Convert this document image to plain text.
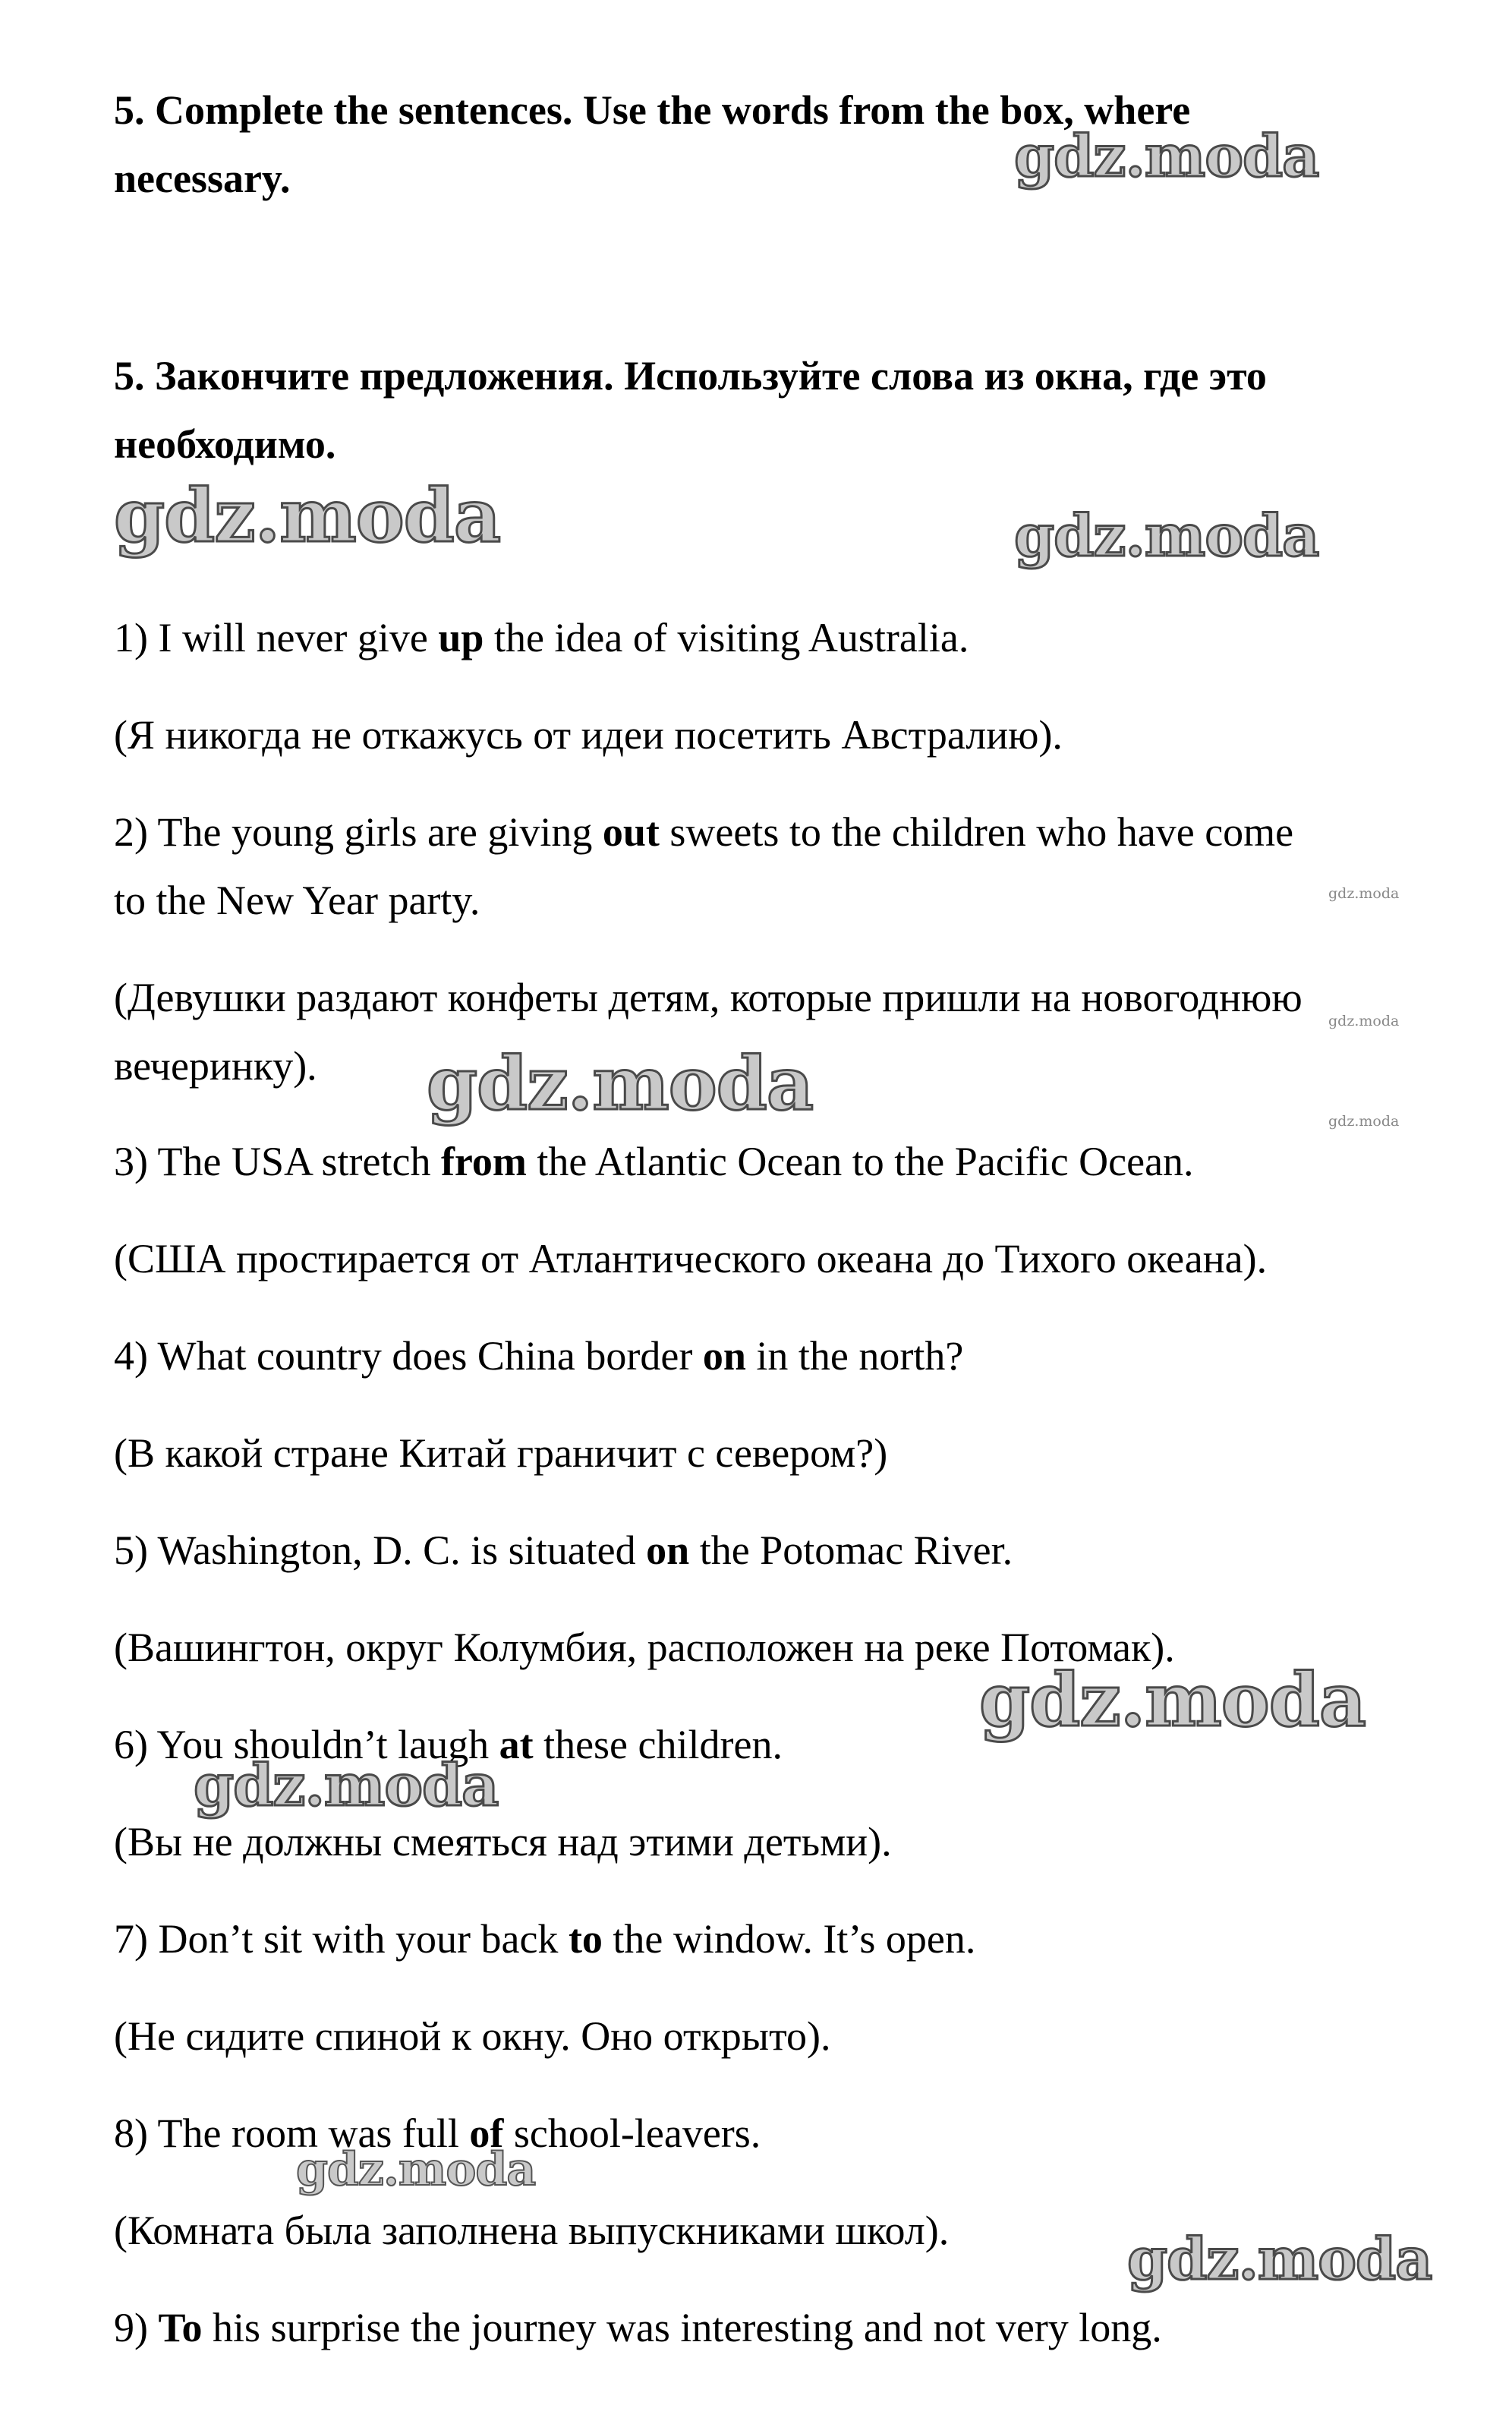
5. Complete the sentences. Use the words from the box, where
necessary.
5. Закончите предложения. Используйте слова из окна, где это
необходимо.
1) I will never give up the idea of visiting Australia.
(Я никогда не откажусь от идеи посетить Австралию).
2) The young girls are giving out sweets to the children who have come
to the New Year party.
(Девушки раздают конфеты детям, которые пришли на новогоднюю
вечеринку).
3) The USA stretch from the Atlantic Ocean to the Pacific Ocean.
(США простирается от Атлантического океана до Тихого океана).
4) What country does China border on in the north?
(В какой стране Китай граничит с севером?)
5) Washington, D. C. is situated on the Potomac River.
(Вашингтон, округ Колумбия, расположен на реке Потомак).
6) You shouldn’t laugh at these children.
(Вы не должны смеяться над этими детьми).
7) Don’t sit with your back to the window. It’s open.
(Не сидите спиной к окну. Оно открыто).
8) The room was full of school-leavers.
(Комната была заполнена выпускниками школ).
9) To his surprise the journey was interesting and not very long.
gdz.moda
gdz.moda	gdz.moda
gdz.moda
gdz.moda
gdz.moda	gdz.moda
gdz.moda
gdz.moda
gdz.moda
gdz.moda
